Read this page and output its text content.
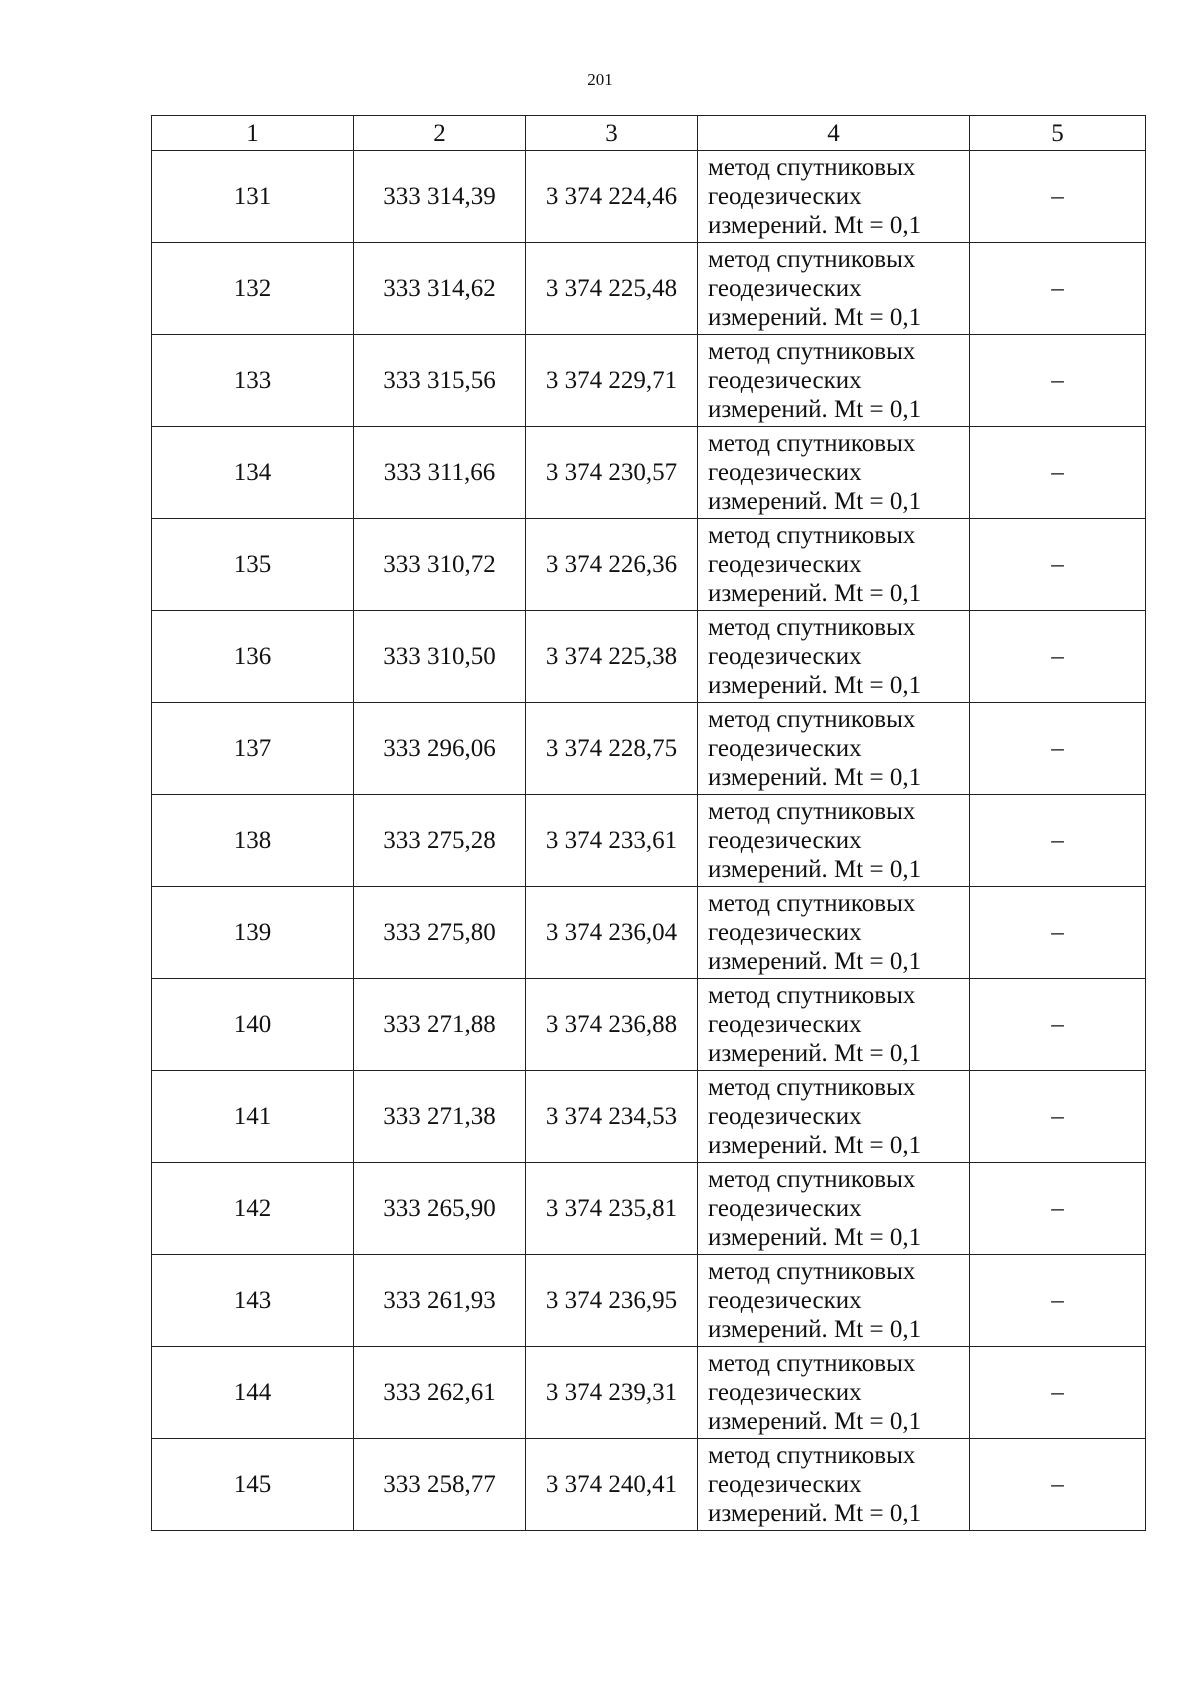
201
1	2	3	4	5
131	333 314,39	3 374 224,46	метод спутниковых
геодезических
измерений. Mt = 0,1	–
132	333 314,62	3 374 225,48	метод спутниковых
геодезических
измерений. Mt = 0,1	–
133	333 315,56	3 374 229,71	метод спутниковых
геодезических
измерений. Mt = 0,1	–
134	333 311,66	3 374 230,57	метод спутниковых
геодезических
измерений. Mt = 0,1	–
135	333 310,72	3 374 226,36	метод спутниковых
геодезических
измерений. Mt = 0,1	–
136	333 310,50	3 374 225,38	метод спутниковых
геодезических
измерений. Mt = 0,1	–
137	333 296,06	3 374 228,75	метод спутниковых
геодезических
измерений. Mt = 0,1	–
138	333 275,28	3 374 233,61	метод спутниковых
геодезических
измерений. Mt = 0,1	–
139	333 275,80	3 374 236,04	метод спутниковых
геодезических
измерений. Mt = 0,1	–
140	333 271,88	3 374 236,88	метод спутниковых
геодезических
измерений. Mt = 0,1	–
141	333 271,38	3 374 234,53	метод спутниковых
геодезических
измерений. Mt = 0,1	–
142	333 265,90	3 374 235,81	метод спутниковых
геодезических
измерений. Mt = 0,1	–
143	333 261,93	3 374 236,95	метод спутниковых
геодезических
измерений. Mt = 0,1	–
144	333 262,61	3 374 239,31	метод спутниковых
геодезических
измерений. Mt = 0,1	–
145	333 258,77	3 374 240,41	метод спутниковых
геодезических
измерений. Mt = 0,1	–
